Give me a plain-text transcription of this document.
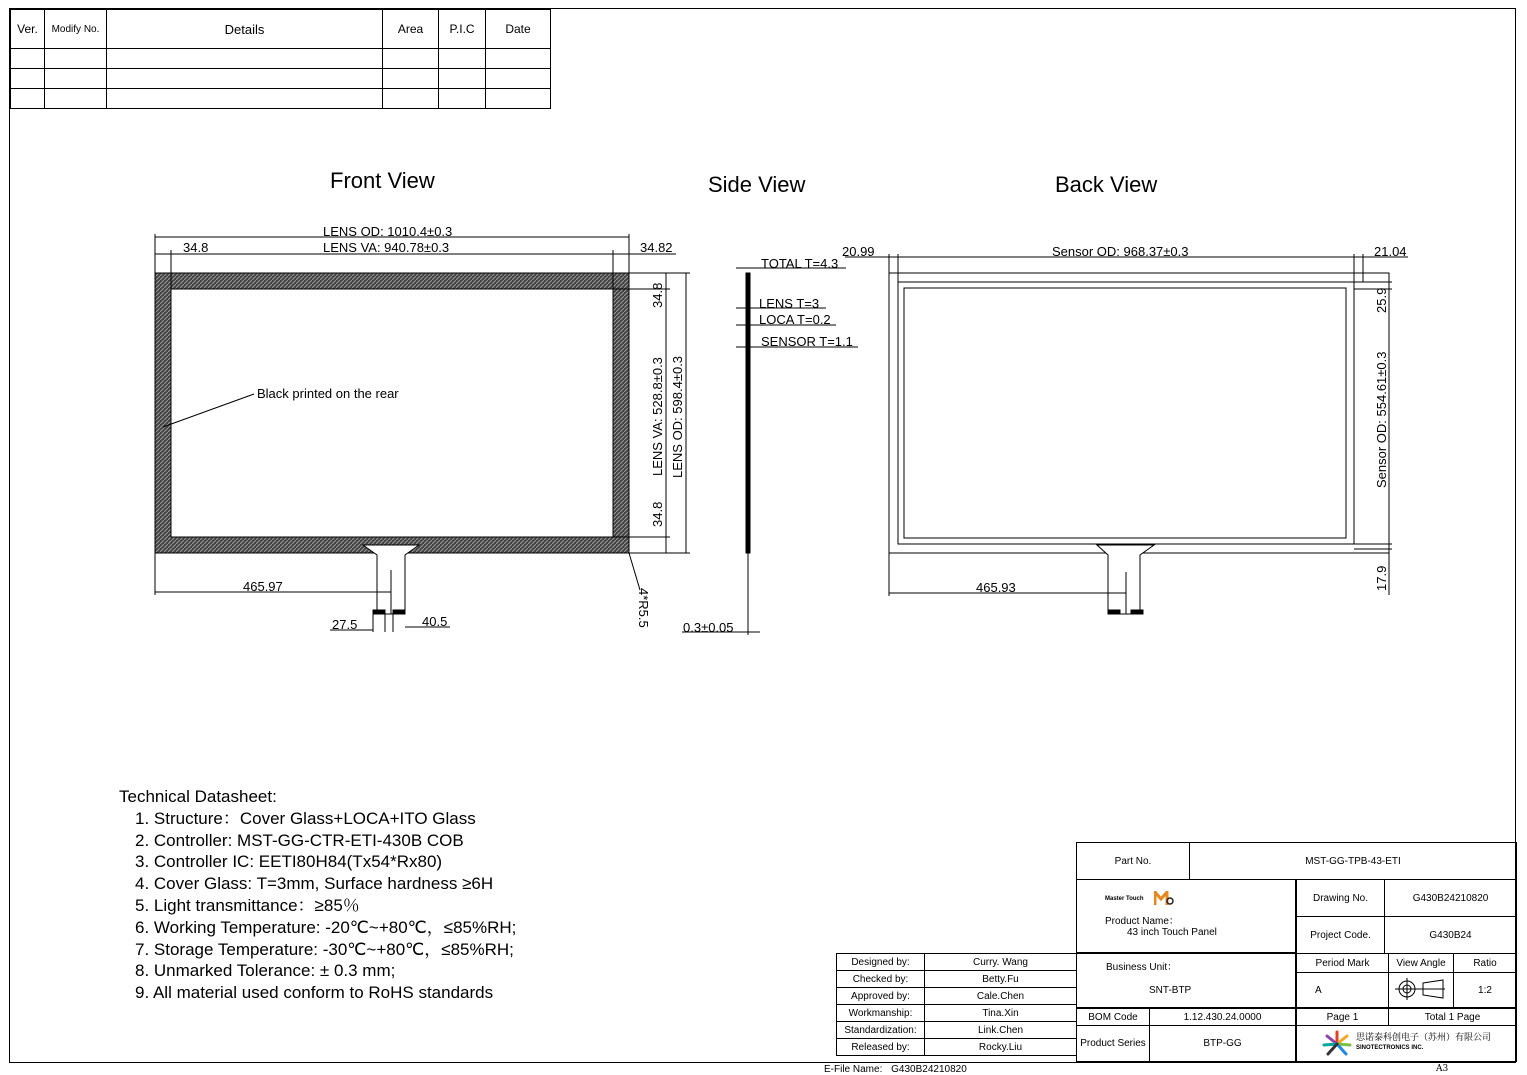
Ver.	Modify No.	Details	Area	P.I.C	Date

Front View	Side View	Back View
LENS OD: 1010.4±0.3
LENS VA: 940.78±0.3
34.8	34.82
Black printed on the rear
34.8
LENS VA: 528.8±0.3 LENS OD: 598.4±0.3
34.8
465.97
27.5	40.5	4*R5.5
TOTAL T=4.3
LENS T=3
LOCA T=0.2
SENSOR T=1.1
0.3±0.05
20.99	Sensor OD: 968.37±0.3	21.04
25.9
Sensor OD: 554.61±0.3
17.9
465.93
Technical Datasheet:
1. Structure：Cover Glass+LOCA+ITO Glass
2. Controller: MST-GG-CTR-ETI-430B COB
3. Controller IC: EETI80H84(Tx54*Rx80)
4. Cover Glass: T=3mm, Surface hardness ≥6H
5. Light transmittance：≥85％
6. Working Temperature: -20℃~+80℃，≤85%RH;
7. Storage Temperature: -30℃~+80℃，≤85%RH;
8. Unmarked Tolerance: ± 0.3 mm;
9. All material used conform to RoHS standards
Part No.	MST-GG-TPB-43-ETI
Master Touch
Product Name：
43 inch Touch Panel
Drawing No.	G430B24210820
Project Code.	G430B24
Designed by:	Curry. Wang
Checked by:	Betty.Fu
Approved by:	Cale.Chen
Workmanship:	Tina.Xin
Standardization:	Link.Chen
Released by:	Rocky.Liu
Business Unit：
SNT-BTP
Period Mark	View Angle	Ratio
A		1:2
BOM Code	1.12.430.24.0000
Product Series	BTP-GG
Page 1	Total 1 Page

思诺泰科创电子（苏州）有限公司
SINOTECTRONICS INC.
E-File Name: G430B24210820	A3
